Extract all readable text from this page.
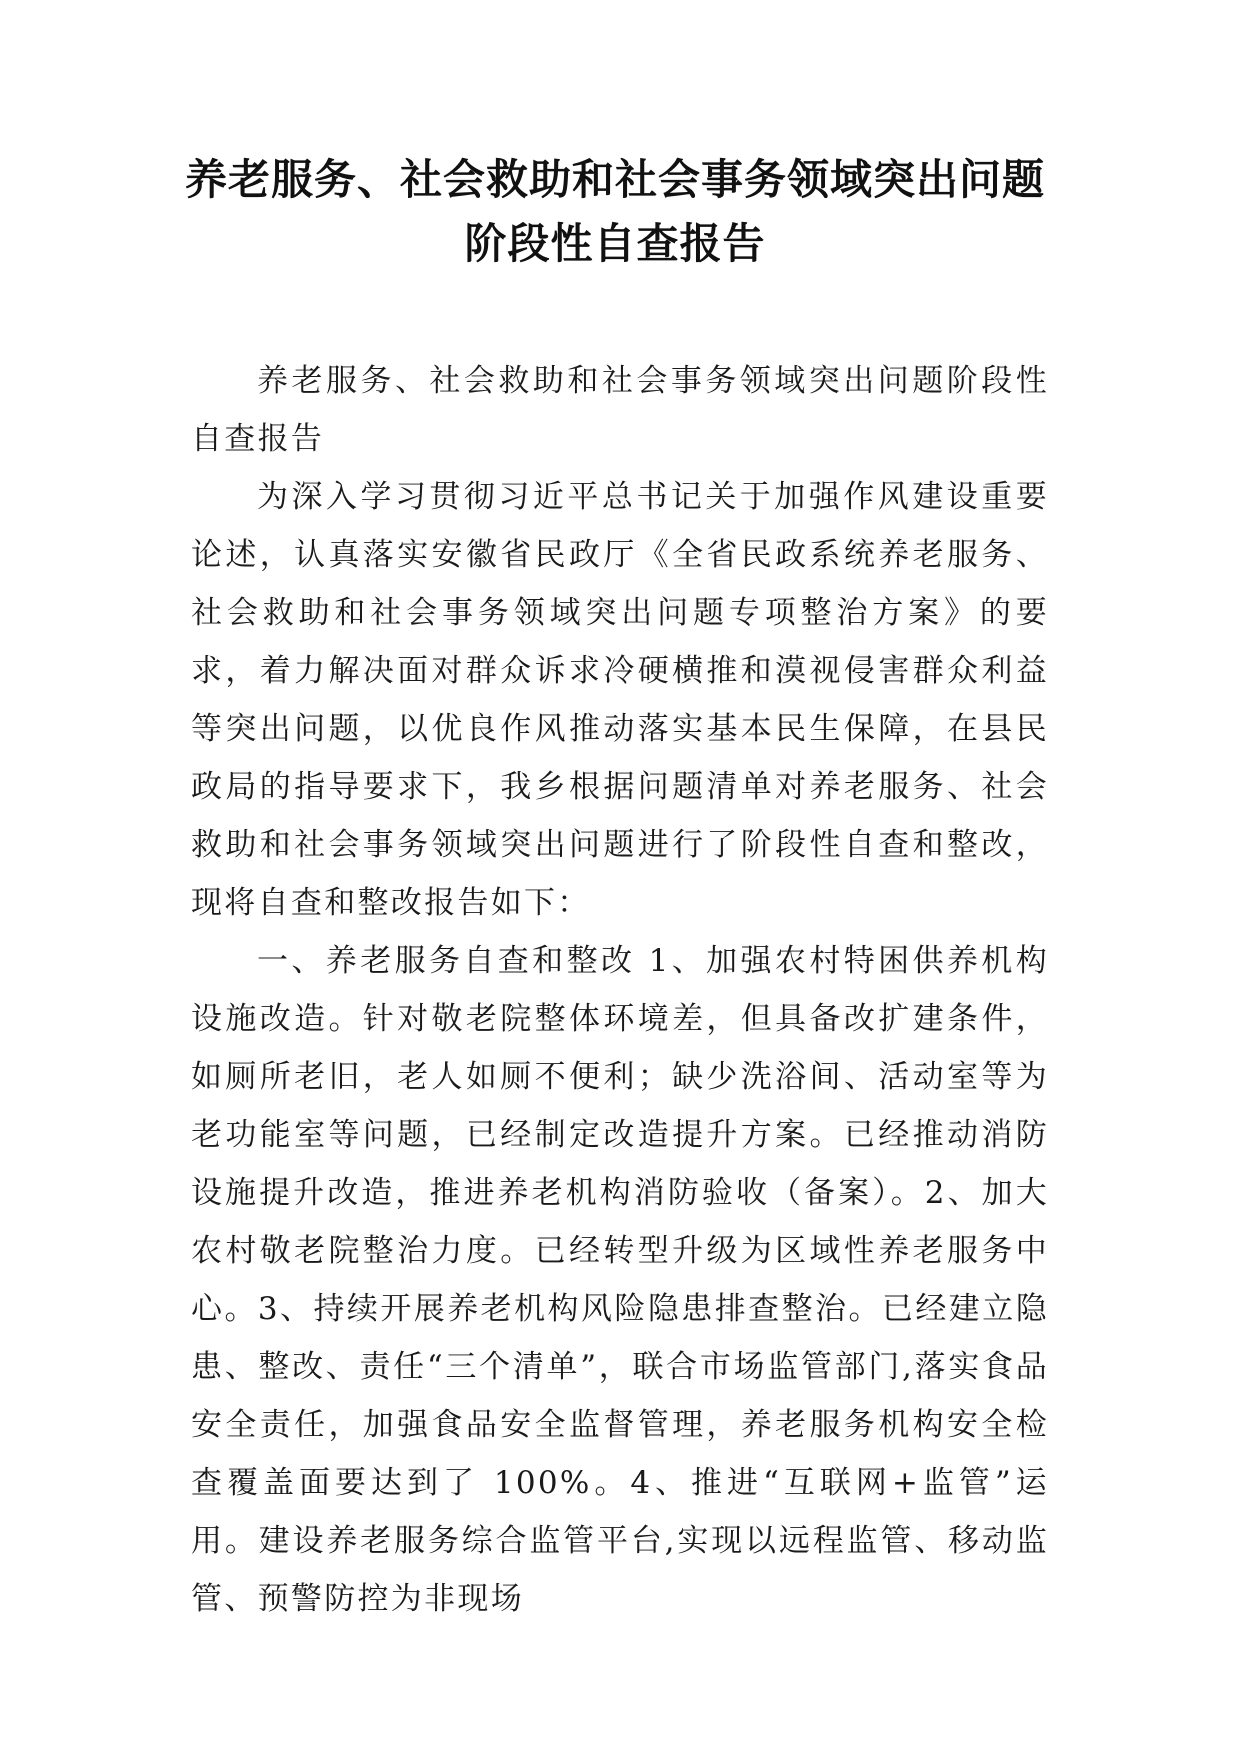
养老服务、社会救助和社会事务领域突出问题阶段性自查报告

养老服务、社会救助和社会事务领域突出问题阶段性自查报告

为深入学习贯彻习近平总书记关于加强作风建设重要论述，认真落实安徽省民政厅《全省民政系统养老服务、社会救助和社会事务领域突出问题专项整治方案》的要求，着力解决面对群众诉求冷硬横推和漠视侵害群众利益等突出问题，以优良作风推动落实基本民生保障，在县民政局的指导要求下，我乡根据问题清单对养老服务、社会救助和社会事务领域突出问题进行了阶段性自查和整改，现将自查和整改报告如下：

一、养老服务自查和整改 1、加强农村特困供养机构设施改造。针对敬老院整体环境差，但具备改扩建条件，如厕所老旧，老人如厕不便利；缺少洗浴间、活动室等为老功能室等问题，已经制定改造提升方案。已经推动消防设施提升改造，推进养老机构消防验收（备案）。2、加大农村敬老院整治力度。已经转型升级为区域性养老服务中心。3、持续开展养老机构风险隐患排查整治。已经建立隐患、整改、责任“三个清单”，联合市场监管部门,落实食品安全责任，加强食品安全监督管理，养老服务机构安全检查覆盖面要达到了 100%。4、推进“互联网+监管”运用。建设养老服务综合监管平台,实现以远程监管、移动监管、预警防控为非现场
